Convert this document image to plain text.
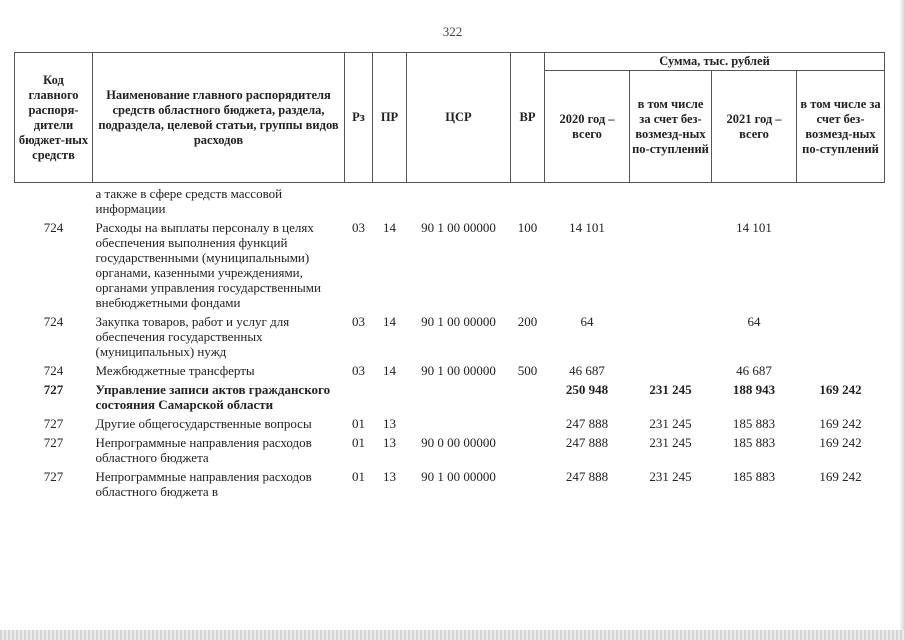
322
Код главного распоря-дители бюджет-ных средств	Наименование главного распорядителя средств областного бюджета, раздела, подраздела, целевой статьи, группы видов расходов	Рз	ПР	ЦСР	ВР	Сумма, тыс. рублей			
						2020 год – всего	в том числе за счет без-возмезд-ных по-ступлений	2021 год – всего	в том числе за счет без-возмезд-ных по-ступлений
	а также в сфере средств массовой информации								
724	Расходы на выплаты персоналу в целях обеспечения выполнения функций государственными (муниципальными) органами, казенными учреждениями, органами управления государственными внебюджетными фондами	03	14	90 1 00 00000	100	14 101		14 101	
724	Закупка товаров, работ и услуг для обеспечения государственных (муниципальных) нужд	03	14	90 1 00 00000	200	64		64	
724	Межбюджетные трансферты	03	14	90 1 00 00000	500	46 687		46 687	
727	Управление записи актов гражданского состояния Самарской области					250 948	231 245	188 943	169 242
727	Другие общегосударственные вопросы	01	13			247 888	231 245	185 883	169 242
727	Непрограммные направления расходов областного бюджета	01	13	90 0 00 00000		247 888	231 245	185 883	169 242
727	Непрограммные направления расходов областного бюджета в	01	13	90 1 00 00000		247 888	231 245	185 883	169 242
